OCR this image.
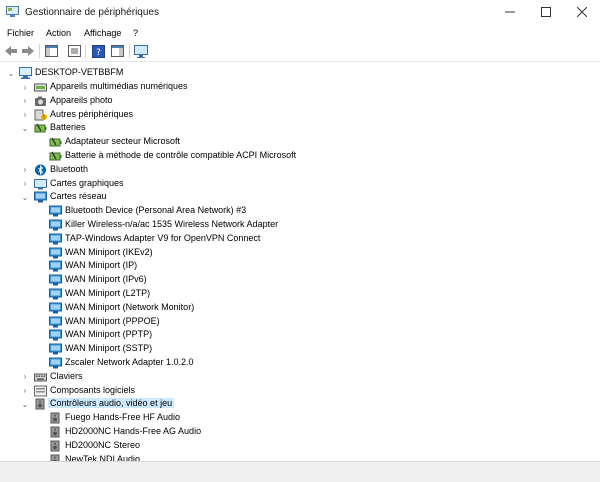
Gestionnaire de périphériques
Fichier Action Affichage ?
?
⌄ DESKTOP-VETBBFM
›	Appareils multimédias numériques
›	Appareils photo
›	! Autres périphériques
⌄ Batteries
Adaptateur secteur Microsoft
Batterie à méthode de contrôle compatible ACPI Microsoft
›	Bluetooth
›	Cartes graphiques
⌄ Cartes réseau
Bluetooth Device (Personal Area Network) #3
Killer Wireless-n/a/ac 1535 Wireless Network Adapter
TAP-Windows Adapter V9 for OpenVPN Connect
WAN Miniport (IKEv2)
WAN Miniport (IP)
WAN Miniport (IPv6)
WAN Miniport (L2TP)
WAN Miniport (Network Monitor)
WAN Miniport (PPPOE)
WAN Miniport (PPTP)
WAN Miniport (SSTP)
Zscaler Network Adapter 1.0.2.0
›	Claviers
›	Composants logiciels
⌄ Contrôleurs audio, vidéo et jeu
Fuego Hands-Free HF Audio
HD2000NC Hands-Free AG Audio
HD2000NC Stereo
NewTek NDI Audio
